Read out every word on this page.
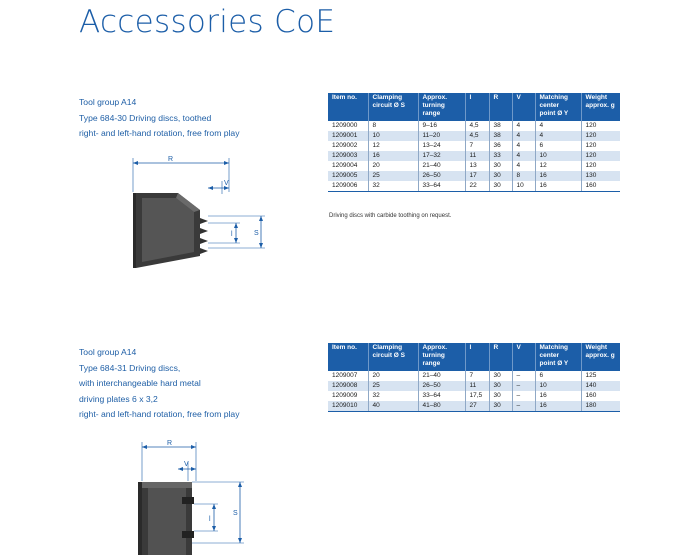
Accessories CoE
Tool group A14
Type 684-30 Driving discs, toothed
right- and left-hand rotation, free from play
Item no.	Clamping circuit Ø S	Approx. turning range	l	R	V	Matching center point Ø Y	Weight approx. g
1209000	8	9–16	4,5	38	4	4	120
1209001	10	11–20	4,5	38	4	4	120
1209002	12	13–24	7	36	4	6	120
1209003	16	17–32	11	33	4	10	120
1209004	20	21–40	13	30	4	12	120
1209005	25	26–50	17	30	8	16	130
1209006	32	33–64	22	30	10	16	160
Driving discs with carbide toothing on request.
R
V
l	S
Tool group A14
Type 684-31 Driving discs,
with interchangeable hard metal
driving plates 6 x 3,2
right- and left-hand rotation, free from play
Item no.	Clamping circuit Ø S	Approx. turning range	l	R	V	Matching center point Ø Y	Weight approx. g
1209007	20	21–40	7	30	–	6	125
1209008	25	26–50	11	30	–	10	140
1209009	32	33–64	17,5	30	–	16	160
1209010	40	41–80	27	30	–	16	180
R
V
l
S
